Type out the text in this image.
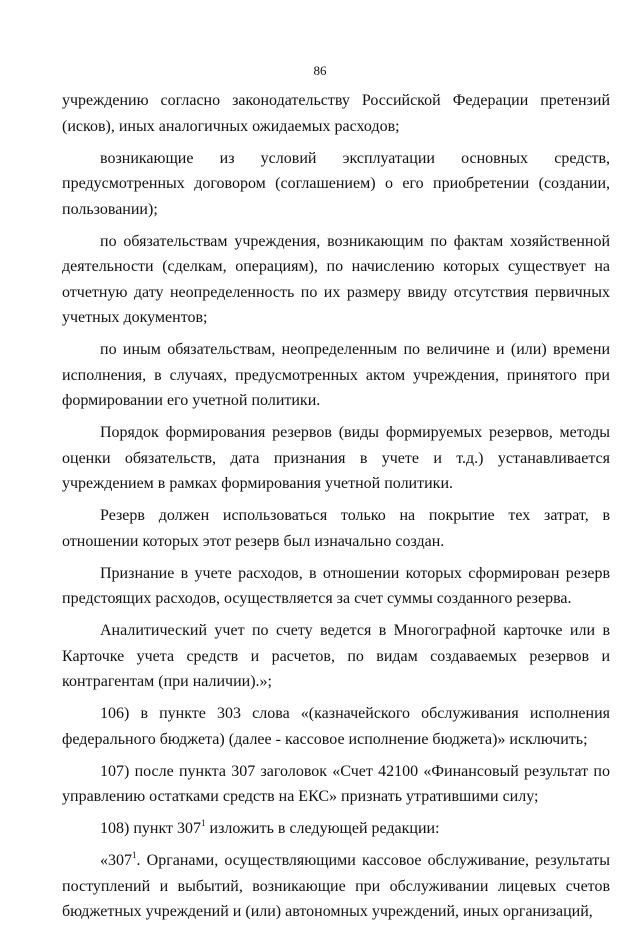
86

учреждению согласно законодательству Российской Федерации претензий (исков), иных аналогичных ожидаемых расходов;

возникающие из условий эксплуатации основных средств, предусмотренных договором (соглашением) о его приобретении (создании, пользовании);

по обязательствам учреждения, возникающим по фактам хозяйственной деятельности (сделкам, операциям), по начислению которых существует на отчетную дату неопределенность по их размеру ввиду отсутствия первичных учетных документов;

по иным обязательствам, неопределенным по величине и (или) времени исполнения, в случаях, предусмотренных актом учреждения, принятого при формировании его учетной политики.

Порядок формирования резервов (виды формируемых резервов, методы оценки обязательств, дата признания в учете и т.д.) устанавливается учреждением в рамках формирования учетной политики.

Резерв должен использоваться только на покрытие тех затрат, в отношении которых этот резерв был изначально создан.

Признание в учете расходов, в отношении которых сформирован резерв предстоящих расходов, осуществляется за счет суммы созданного резерва.

Аналитический учет по счету ведется в Многографной карточке или в Карточке учета средств и расчетов, по видам создаваемых резервов и контрагентам (при наличии).»;

106) в пункте 303 слова «(казначейского обслуживания исполнения федерального бюджета) (далее - кассовое исполнение бюджета)» исключить;

107) после пункта 307 заголовок «Счет 42100 «Финансовый результат по управлению остатками средств на ЕКС» признать утратившими силу;

108) пункт $307^1$ изложить в следующей редакции:

«$307^1$. Органами, осуществляющими кассовое обслуживание, результаты поступлений и выбытий, возникающие при обслуживании лицевых счетов бюджетных учреждений и (или) автономных учреждений, иных организаций,
